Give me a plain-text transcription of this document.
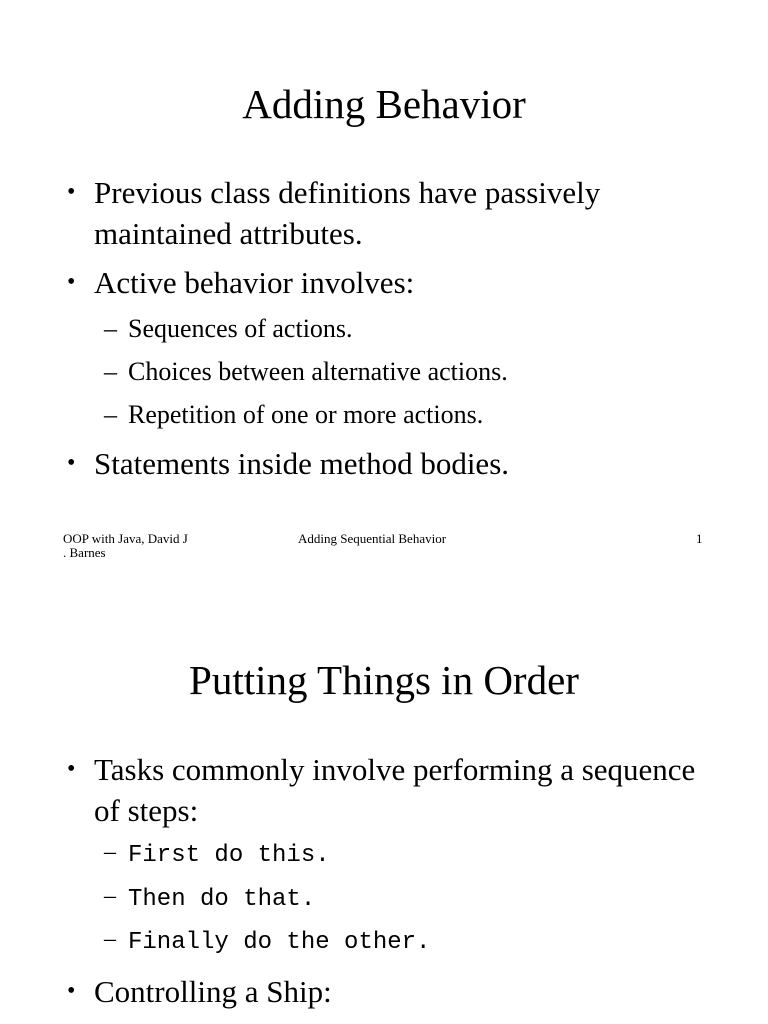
Adding Behavior
• Previous class definitions have passively maintained attributes.
• Active behavior involves:
– Sequences of actions.
– Choices between alternative actions.
– Repetition of one or more actions.
• Statements inside method bodies.
OOP with Java, David J
. Barnes
Adding Sequential Behavior	1
Putting Things in Order
• Tasks commonly involve performing a sequence of steps:
– First do this.
– Then do that.
– Finally do the other.
• Controlling a Ship:
